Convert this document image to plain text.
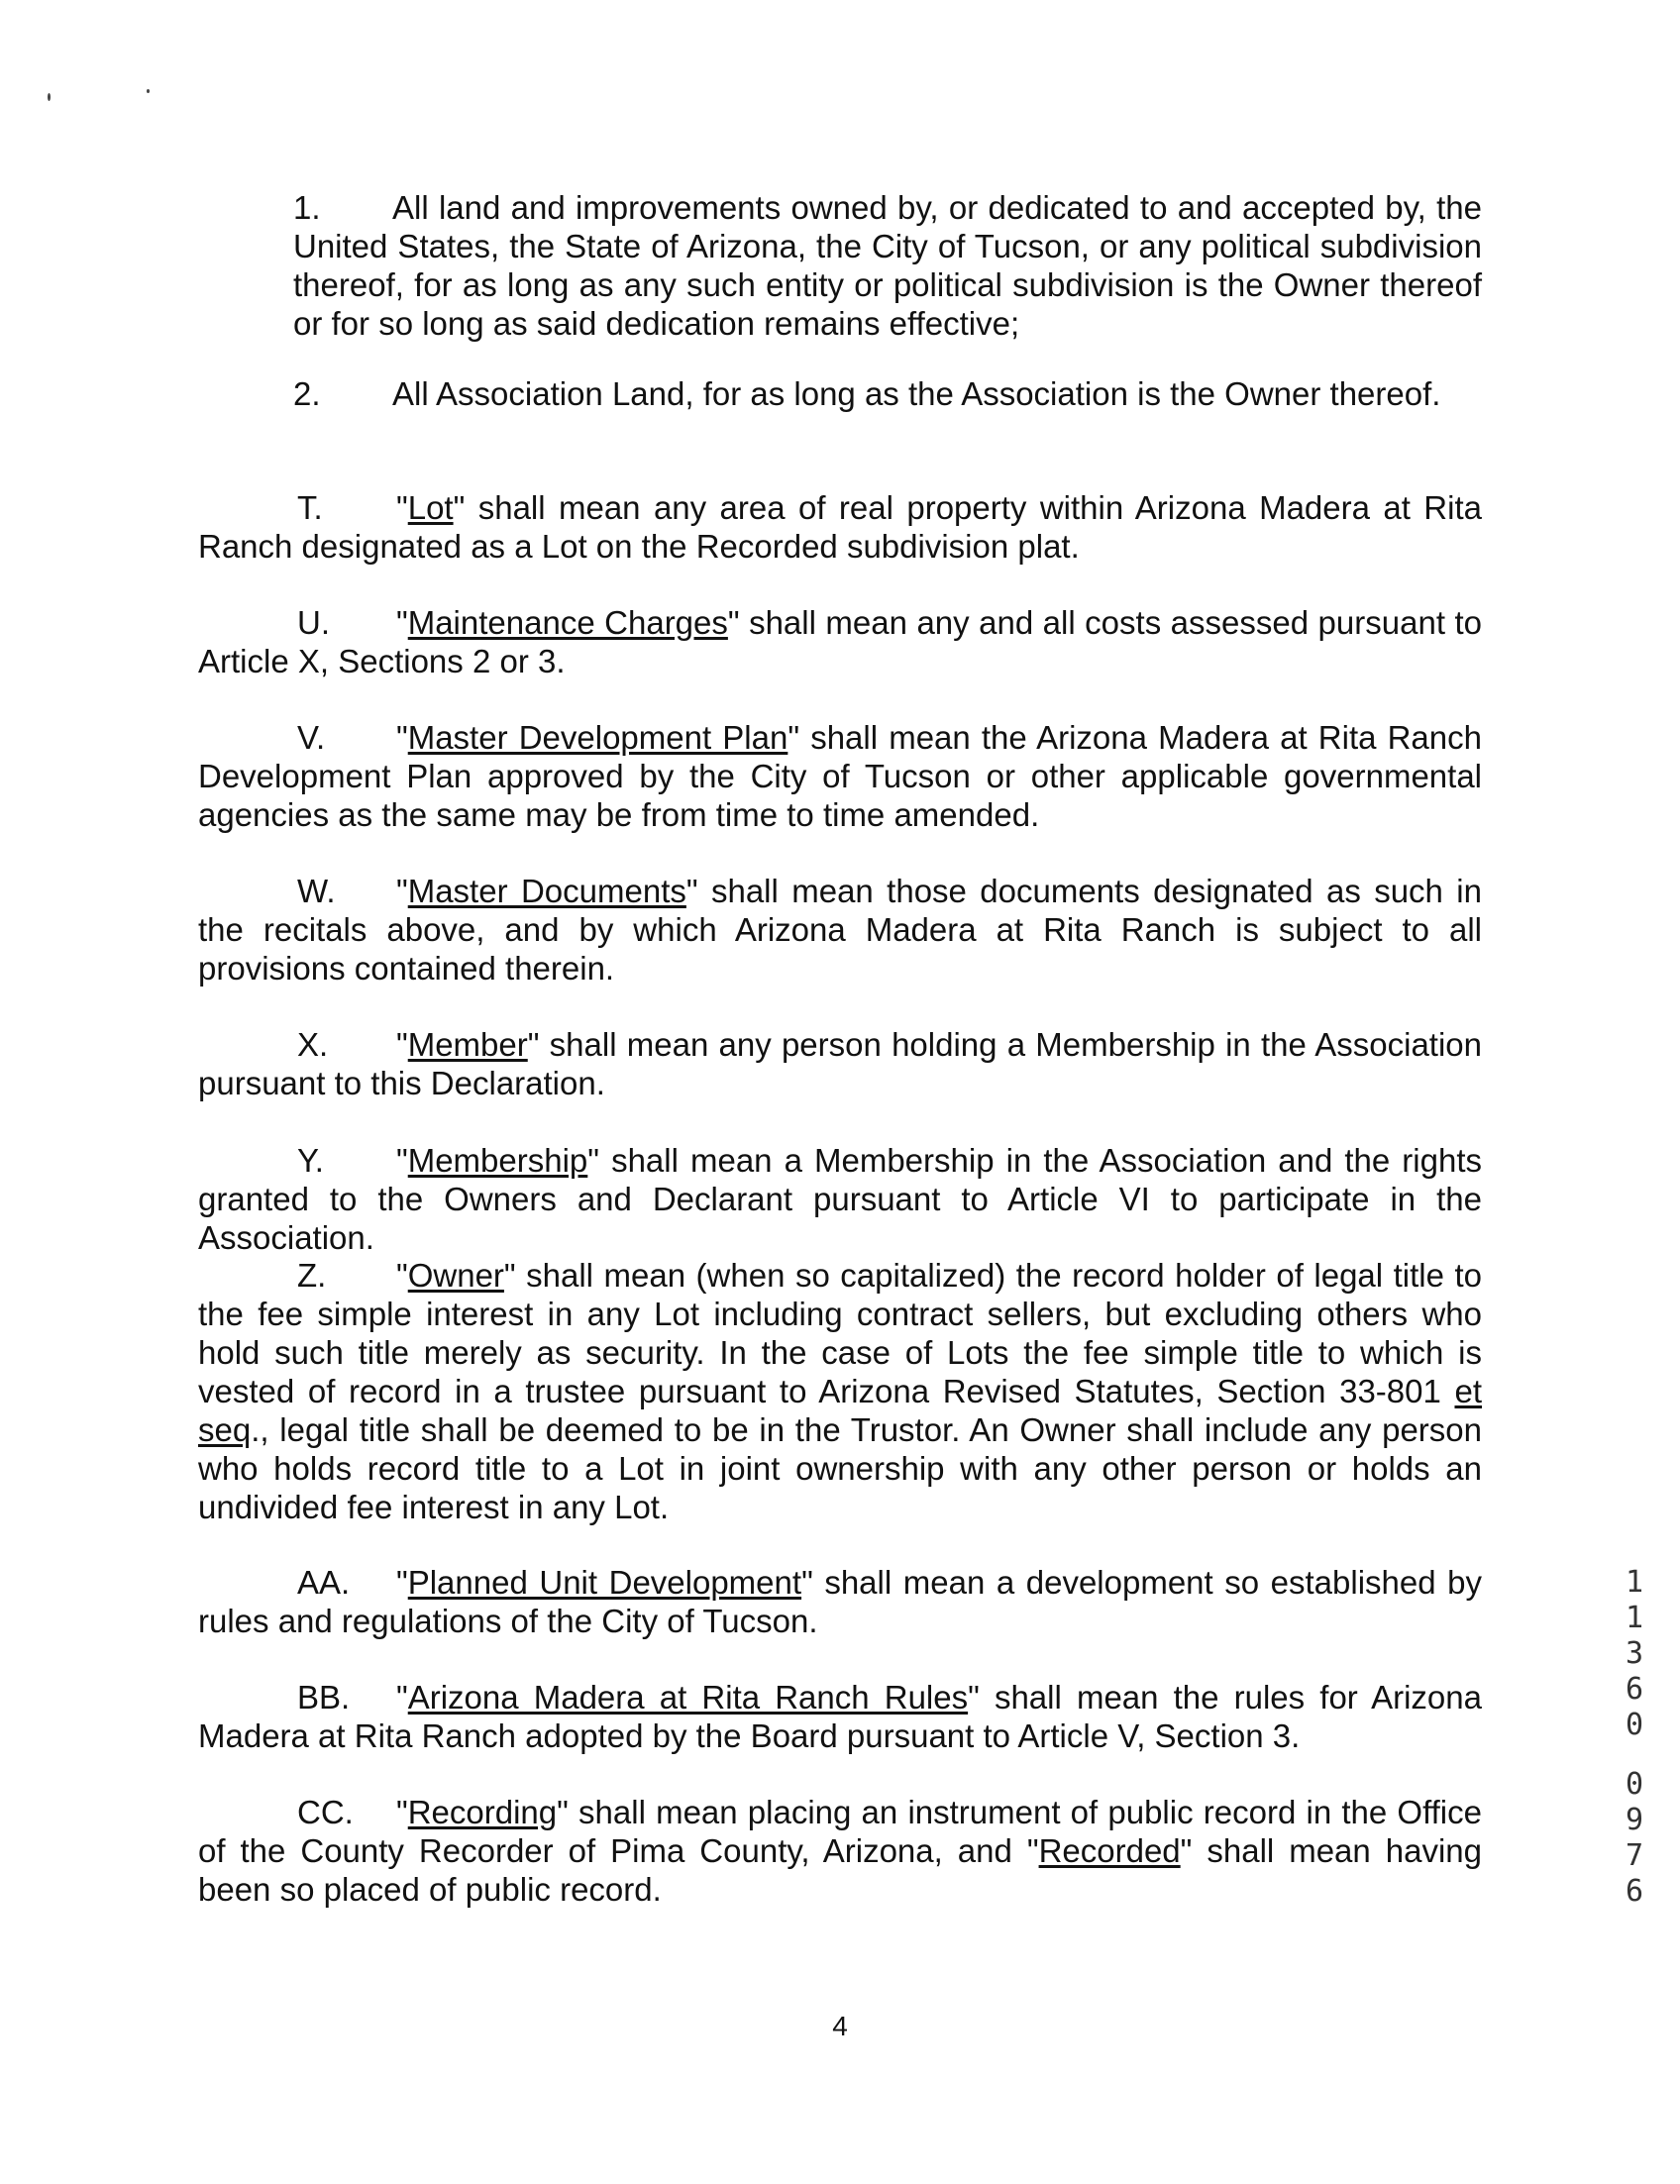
1. All land and improvements owned by, or dedicated to and accepted by, the United States, the State of Arizona, the City of Tucson, or any political subdivision thereof, for as long as any such entity or political subdivision is the Owner thereof or for so long as said dedication remains effective;

2. All Association Land, for as long as the Association is the Owner thereof.

T. "Lot" shall mean any area of real property within Arizona Madera at Rita Ranch designated as a Lot on the Recorded subdivision plat.

U. "Maintenance Charges" shall mean any and all costs assessed pursuant to Article X, Sections 2 or 3.

V. "Master Development Plan" shall mean the Arizona Madera at Rita Ranch Development Plan approved by the City of Tucson or other applicable governmental agencies as the same may be from time to time amended.

W. "Master Documents" shall mean those documents designated as such in the recitals above, and by which Arizona Madera at Rita Ranch is subject to all provisions contained therein.

X. "Member" shall mean any person holding a Membership in the Association pursuant to this Declaration.

Y. "Membership" shall mean a Membership in the Association and the rights granted to the Owners and Declarant pursuant to Article VI to participate in the Association.

Z. "Owner" shall mean (when so capitalized) the record holder of legal title to the fee simple interest in any Lot including contract sellers, but excluding others who hold such title merely as security. In the case of Lots the fee simple title to which is vested of record in a trustee pursuant to Arizona Revised Statutes, Section 33-801 et seq., legal title shall be deemed to be in the Trustor. An Owner shall include any person who holds record title to a Lot in joint ownership with any other person or holds an undivided fee interest in any Lot.

AA. "Planned Unit Development" shall mean a development so established by rules and regulations of the City of Tucson.

BB. "Arizona Madera at Rita Ranch Rules" shall mean the rules for Arizona Madera at Rita Ranch adopted by the Board pursuant to Article V, Section 3.

CC. "Recording" shall mean placing an instrument of public record in the Office of the County Recorder of Pima County, Arizona, and "Recorded" shall mean having been so placed of public record.

1
1
3
6
0
0
9
7
6
4
